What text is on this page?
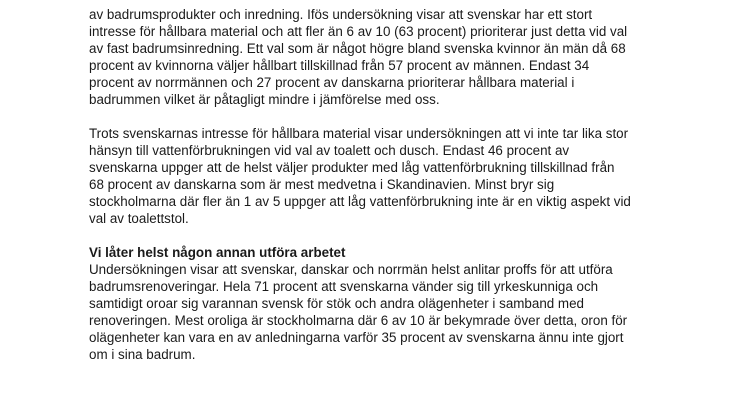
av badrumsprodukter och inredning. Ifös undersökning visar att svenskar har ett stort
intresse för hållbara material och att fler än 6 av 10 (63 procent) prioriterar just detta vid val
av fast badrumsinredning. Ett val som är något högre bland svenska kvinnor än män då 68
procent av kvinnorna väljer hållbart tillskillnad från 57 procent av männen. Endast 34
procent av norrmännen och 27 procent av danskarna prioriterar hållbara material i
badrummen vilket är påtagligt mindre i jämförelse med oss.
Trots svenskarnas intresse för hållbara material visar undersökningen att vi inte tar lika stor
hänsyn till vattenförbrukningen vid val av toalett och dusch. Endast 46 procent av
svenskarna uppger att de helst väljer produkter med låg vattenförbrukning tillskillnad från
68 procent av danskarna som är mest medvetna i Skandinavien. Minst bryr sig
stockholmarna där fler än 1 av 5 uppger att låg vattenförbrukning inte är en viktig aspekt vid
val av toalettstol.
Vi låter helst någon annan utföra arbetet
Undersökningen visar att svenskar, danskar och norrmän helst anlitar proffs för att utföra
badrumsrenoveringar. Hela 71 procent att svenskarna vänder sig till yrkeskunniga och
samtidigt oroar sig varannan svensk för stök och andra olägenheter i samband med
renoveringen. Mest oroliga är stockholmarna där 6 av 10 är bekymrade över detta, oron för
olägenheter kan vara en av anledningarna varför 35 procent av svenskarna ännu inte gjort
om i sina badrum.
